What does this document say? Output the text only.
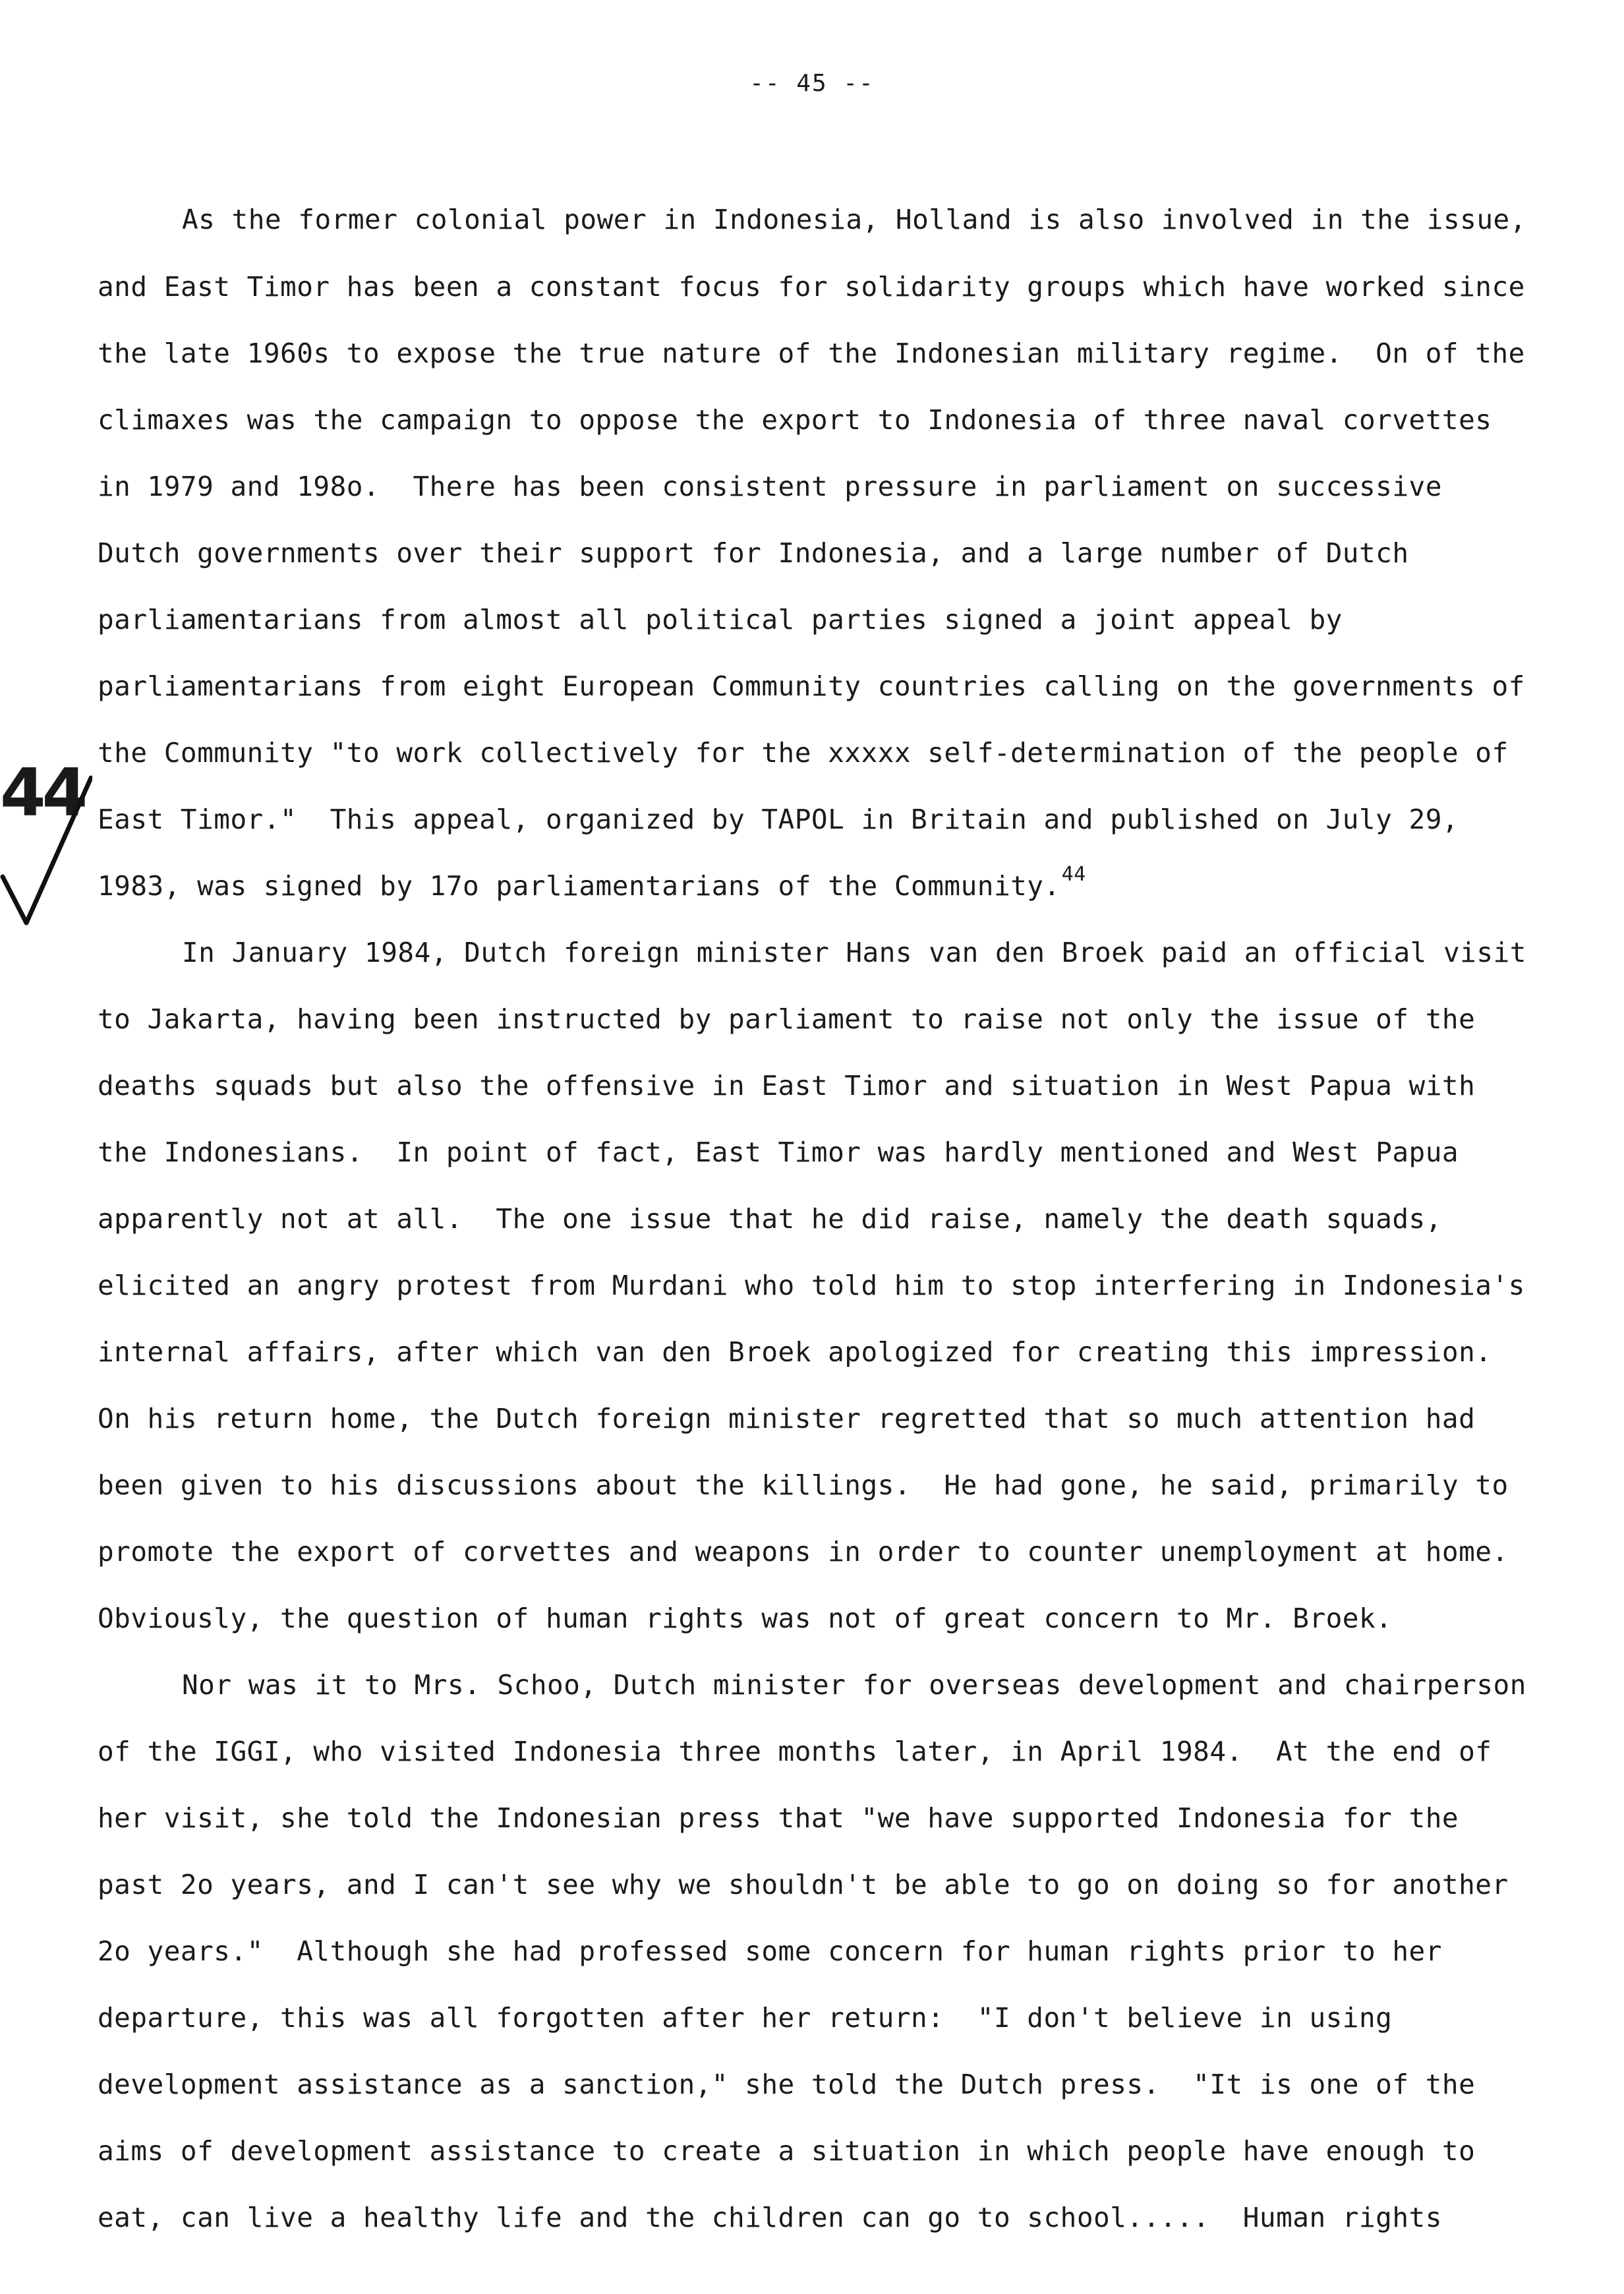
-- 45 --
44
As the former colonial power in Indonesia, Holland is also involved in the issue,
and East Timor has been a constant focus for solidarity groups which have worked since
the late 1960s to expose the true nature of the Indonesian military regime.  On of the
climaxes was the campaign to oppose the export to Indonesia of three naval corvettes
in 1979 and 198o.  There has been consistent pressure in parliament on successive
Dutch governments over their support for Indonesia, and a large number of Dutch
parliamentarians from almost all political parties signed a joint appeal by
parliamentarians from eight European Community countries calling on the governments of
the Community "to work collectively for the xxxxx self-determination of the people of
East Timor."  This appeal, organized by TAPOL in Britain and published on July 29,
1983, was signed by 17o parliamentarians of the Community.$^{44}$
In January 1984, Dutch foreign minister Hans van den Broek paid an official visit
to Jakarta, having been instructed by parliament to raise not only the issue of the
deaths squads but also the offensive in East Timor and situation in West Papua with
the Indonesians.  In point of fact, East Timor was hardly mentioned and West Papua
apparently not at all.  The one issue that he did raise, namely the death squads,
elicited an angry protest from Murdani who told him to stop interfering in Indonesia's
internal affairs, after which van den Broek apologized for creating this impression.
On his return home, the Dutch foreign minister regretted that so much attention had
been given to his discussions about the killings.  He had gone, he said, primarily to
promote the export of corvettes and weapons in order to counter unemployment at home.
Obviously, the question of human rights was not of great concern to Mr. Broek.
Nor was it to Mrs. Schoo, Dutch minister for overseas development and chairperson
of the IGGI, who visited Indonesia three months later, in April 1984.  At the end of
her visit, she told the Indonesian press that "we have supported Indonesia for the
past 2o years, and I can't see why we shouldn't be able to go on doing so for another
2o years."  Although she had professed some concern for human rights prior to her
departure, this was all forgotten after her return:  "I don't believe in using
development assistance as a sanction," she told the Dutch press.  "It is one of the
aims of development assistance to create a situation in which people have enough to
eat, can live a healthy life and the children can go to school.....  Human rights
